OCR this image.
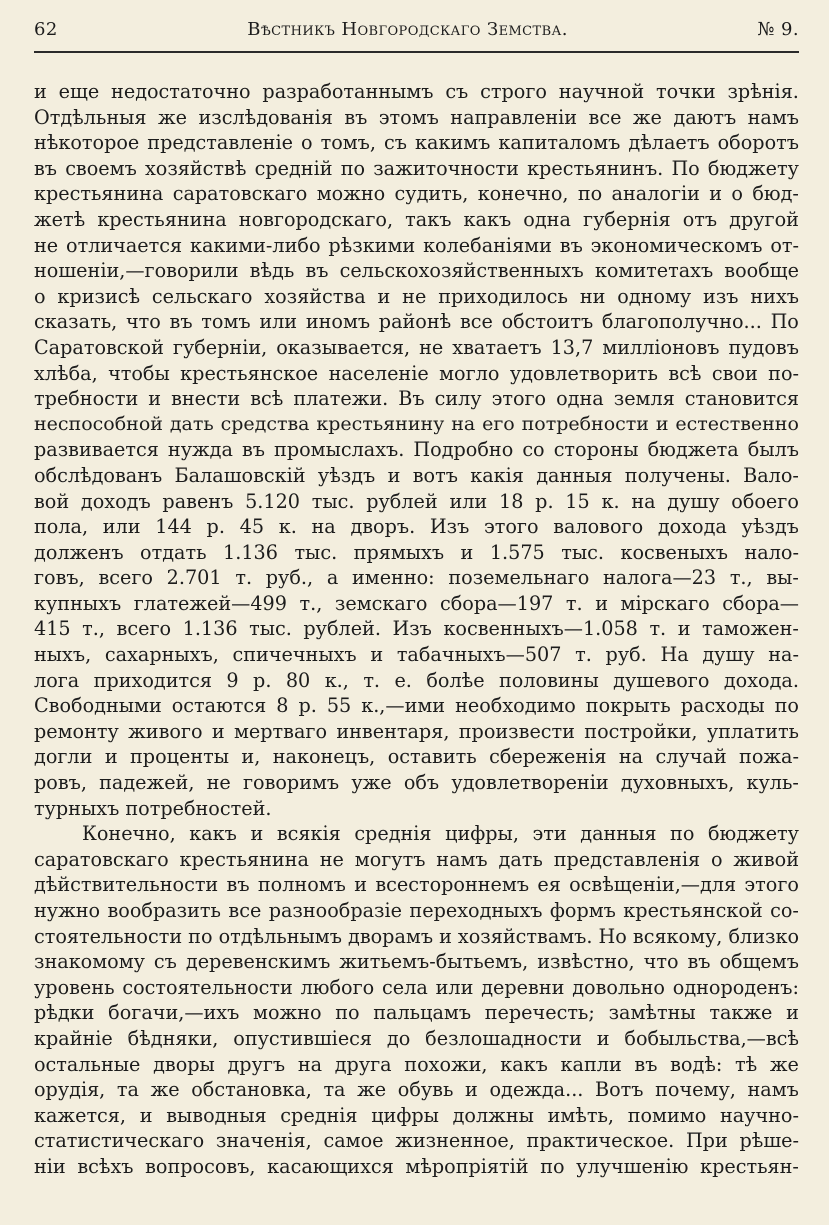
62	Вѣстникъ Новгородскаго Земства.	№ 9.
и еще недостаточно разработаннымъ съ строго научной точки зрѣнія.
Отдѣльныя же изслѣдованія въ этомъ направленіи все же даютъ намъ
нѣкоторое представленіе о томъ, съ какимъ капиталомъ дѣлаетъ оборотъ
въ своемъ хозяйствѣ средній по зажиточности крестьянинъ. По бюджету
крестьянина саратовскаго можно судить, конечно, по аналогіи и о бюд-
жетѣ крестьянина новгородскаго, такъ какъ одна губернія отъ другой
не отличается какими-либо рѣзкими колебаніями въ экономическомъ от-
ношеніи,—говорили вѣдь въ сельскохозяйственныхъ комитетахъ вообще
о кризисѣ сельскаго хозяйства и не приходилось ни одному изъ нихъ
сказать, что въ томъ или иномъ районѣ все обстоитъ благополучно... По
Саратовской губерніи, оказывается, не хватаетъ 13,7 милліоновъ пудовъ
хлѣба, чтобы крестьянское населеніе могло удовлетворить всѣ свои по-
требности и внести всѣ платежи. Въ силу этого одна земля становится
неспособной дать средства крестьянину на его потребности и естественно
развивается нужда въ промыслахъ. Подробно со стороны бюджета былъ
обслѣдованъ Балашовскій уѣздъ и вотъ какія данныя получены. Вало-
вой доходъ равенъ 5.120 тыс. рублей или 18 р. 15 к. на душу обоего
пола, или 144 р. 45 к. на дворъ. Изъ этого валового дохода уѣздъ
долженъ отдать 1.136 тыс. прямыхъ и 1.575 тыс. косвеныхъ нало-
говъ, всего 2.701 т. руб., а именно: поземельнаго налога—23 т., вы-
купныхъ глатежей—499 т., земскаго сбора—197 т. и мірскаго сбора—
415 т., всего 1.136 тыс. рублей. Изъ косвенныхъ—1.058 т. и таможен-
ныхъ, сахарныхъ, спичечныхъ и табачныхъ—507 т. руб. На душу на-
лога приходится 9 р. 80 к., т. е. болѣе половины душевого дохода.
Свободными остаются 8 р. 55 к.,—ими необходимо покрыть расходы по
ремонту живого и мертваго инвентаря, произвести постройки, уплатить
догли и проценты и, наконецъ, оставить сбереженія на случай пожа-
ровъ, падежей, не говоримъ уже объ удовлетвореніи духовныхъ, куль-
турныхъ потребностей.
Конечно, какъ и всякія среднія цифры, эти данныя по бюджету
саратовскаго крестьянина не могутъ намъ дать представленія о живой
дѣйствительности въ полномъ и всестороннемъ ея освѣщеніи,—для этого
нужно вообразить все разнообразіе переходныхъ формъ крестьянской со-
стоятельности по отдѣльнымъ дворамъ и хозяйствамъ. Но всякому, близко
знакомому съ деревенскимъ житьемъ-бытьемъ, извѣстно, что въ общемъ
уровень состоятельности любого села или деревни довольно однороденъ:
рѣдки богачи,—ихъ можно по пальцамъ перечесть; замѣтны также и
крайніе бѣдняки, опустившіеся до безлошадности и бобыльства,—всѣ
остальные дворы другъ на друга похожи, какъ капли въ водѣ: тѣ же
орудія, та же обстановка, та же обувь и одежда... Вотъ почему, намъ
кажется, и выводныя среднія цифры должны имѣть, помимо научно-
статистическаго значенія, самое жизненное, практическое. При рѣше-
ніи всѣхъ вопросовъ, касающихся мѣропріятій по улучшенію крестьян-
